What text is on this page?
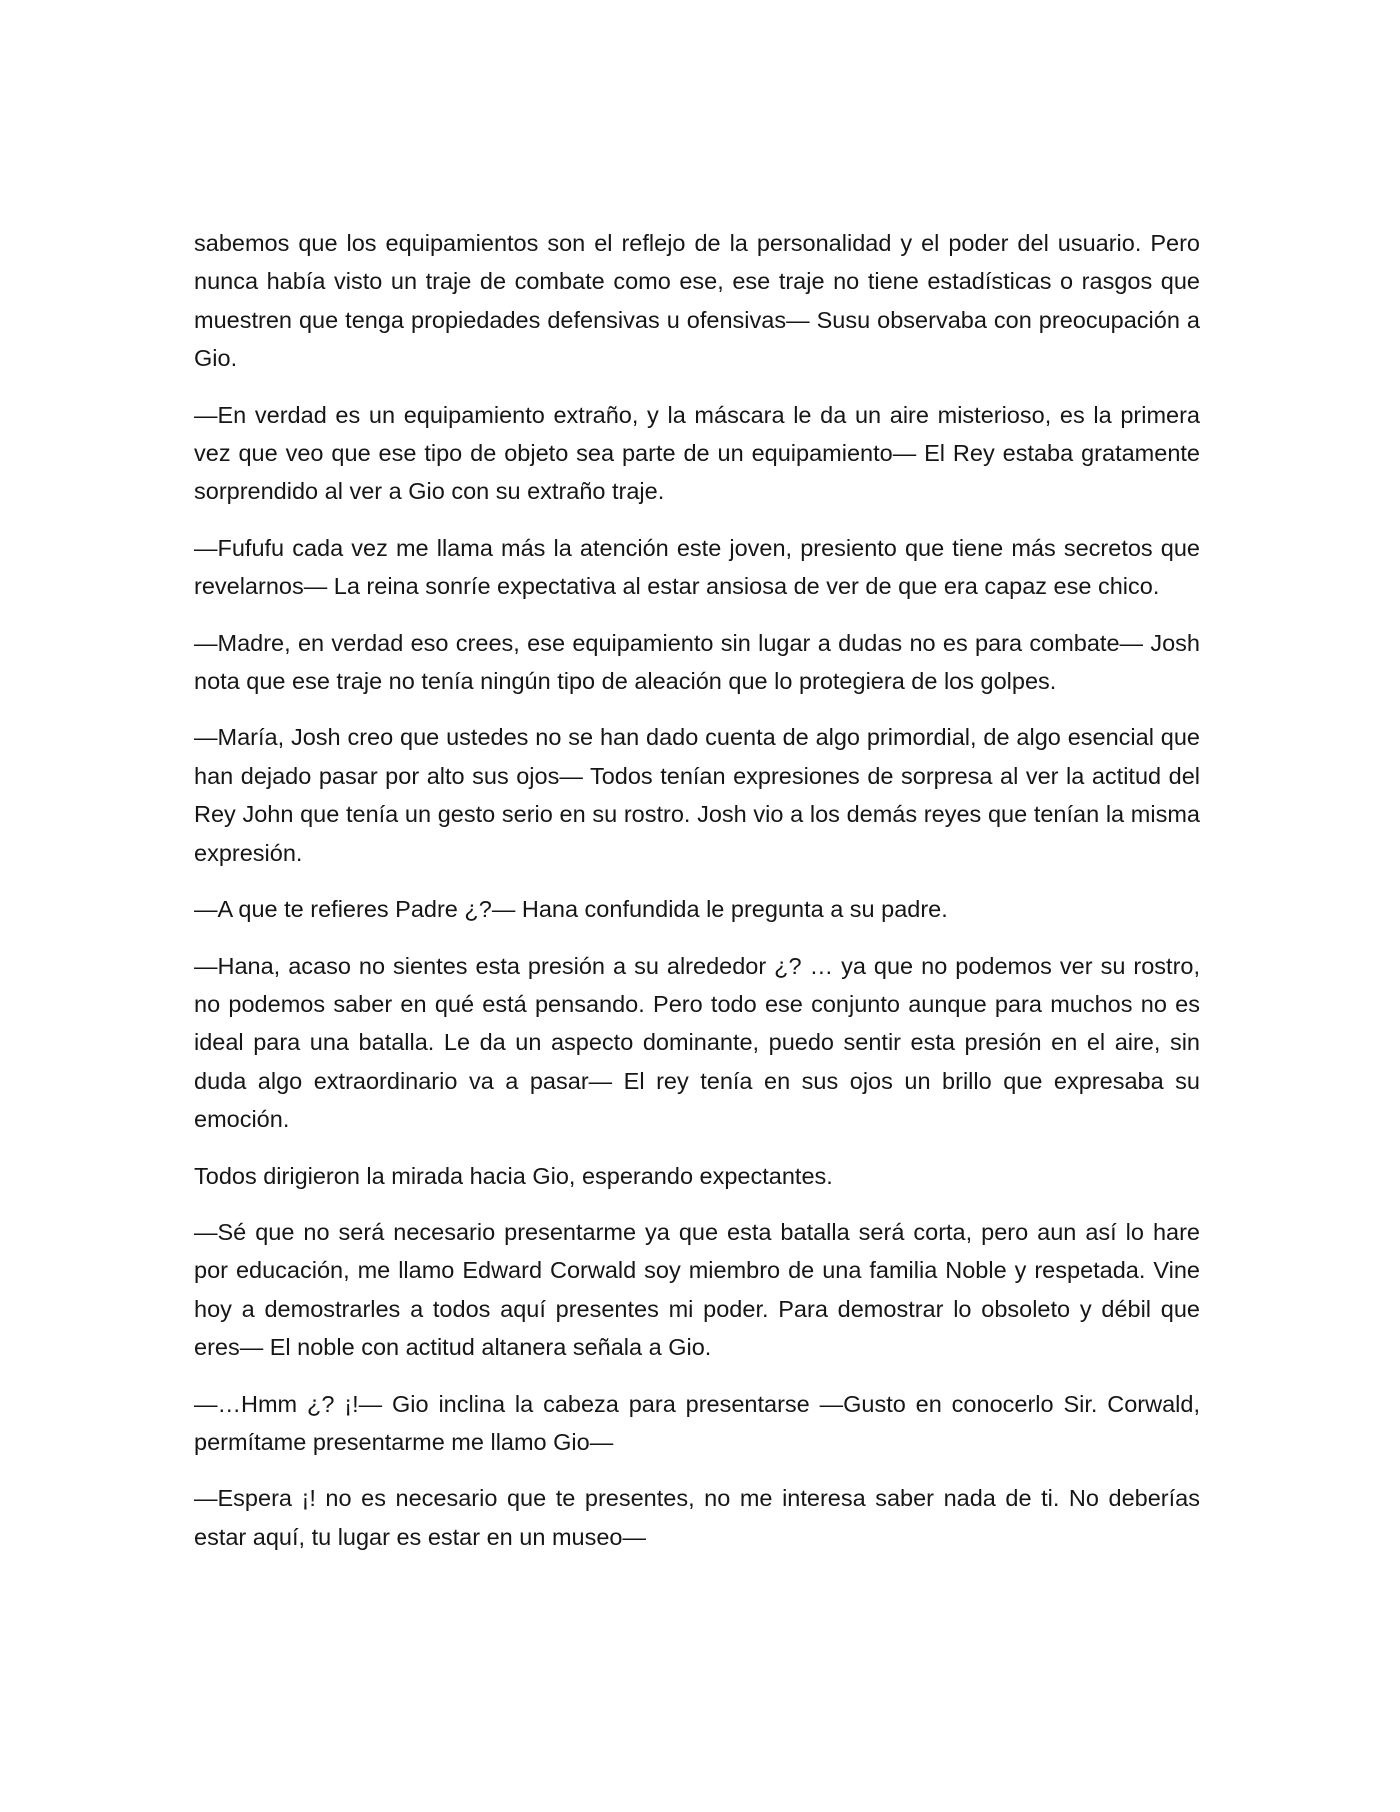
sabemos que los equipamientos son el reflejo de la personalidad y el poder del usuario. Pero nunca había visto un traje de combate como ese, ese traje no tiene estadísticas o rasgos que muestren que tenga propiedades defensivas u ofensivas— Susu observaba con preocupación a Gio.

—En verdad es un equipamiento extraño, y la máscara le da un aire misterioso, es la primera vez que veo que ese tipo de objeto sea parte de un equipamiento— El Rey estaba gratamente sorprendido al ver a Gio con su extraño traje.

—Fufufu cada vez me llama más la atención este joven, presiento que tiene más secretos que revelarnos— La reina sonríe expectativa al estar ansiosa de ver de que era capaz ese chico.

—Madre, en verdad eso crees, ese equipamiento sin lugar a dudas no es para combate— Josh nota que ese traje no tenía ningún tipo de aleación que lo protegiera de los golpes.

—María, Josh creo que ustedes no se han dado cuenta de algo primordial, de algo esencial que han dejado pasar por alto sus ojos— Todos tenían expresiones de sorpresa al ver la actitud del Rey John que tenía un gesto serio en su rostro. Josh vio a los demás reyes que tenían la misma expresión.

—A que te refieres Padre ¿?— Hana confundida le pregunta a su padre.

—Hana, acaso no sientes esta presión a su alrededor ¿? … ya que no podemos ver su rostro, no podemos saber en qué está pensando. Pero todo ese conjunto aunque para muchos no es ideal para una batalla. Le da un aspecto dominante, puedo sentir esta presión en el aire, sin duda algo extraordinario va a pasar— El rey tenía en sus ojos un brillo que expresaba su emoción.

Todos dirigieron la mirada hacia Gio, esperando expectantes.

—Sé que no será necesario presentarme ya que esta batalla será corta, pero aun así lo hare por educación, me llamo Edward Corwald soy miembro de una familia Noble y respetada. Vine hoy a demostrarles a todos aquí presentes mi poder. Para demostrar lo obsoleto y débil que eres— El noble con actitud altanera señala a Gio.

—…Hmm ¿? ¡!— Gio inclina la cabeza para presentarse —Gusto en conocerlo Sir. Corwald, permítame presentarme me llamo Gio—

—Espera ¡! no es necesario que te presentes, no me interesa saber nada de ti. No deberías estar aquí, tu lugar es estar en un museo—
